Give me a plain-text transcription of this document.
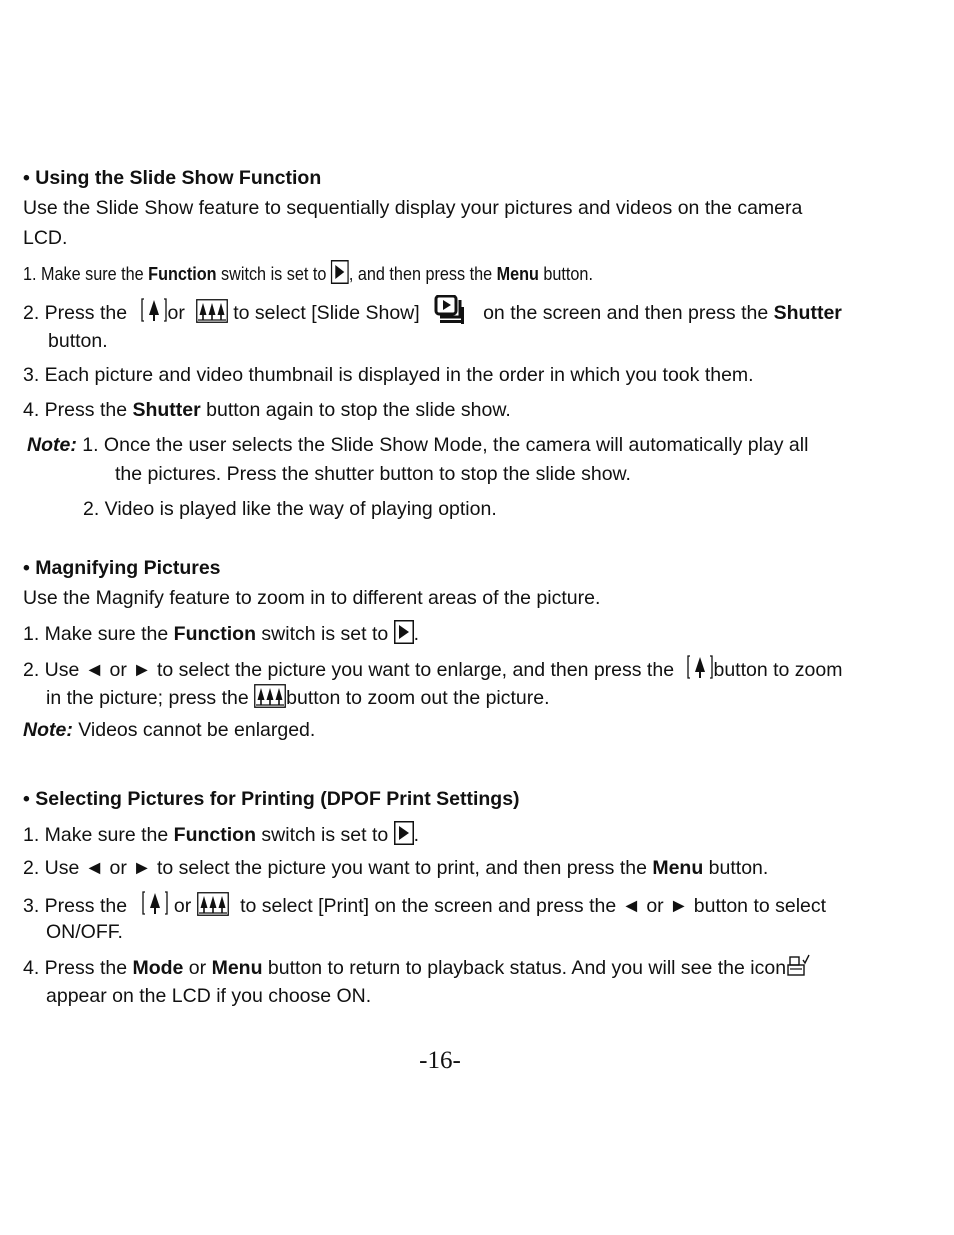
• Using the Slide Show Function
Use the Slide Show feature to sequentially display your pictures and videos on the camera
LCD.
1. Make sure the Function switch is set to , and then press the Menu button.
2. Press the or to select [Slide Show]	on the screen and then press the Shutter
button.
3. Each picture and video thumbnail is displayed in the order in which you took them.
4. Press the Shutter button again to stop the slide show.
Note: 1. Once the user selects the Slide Show Mode, the camera will automatically play all
the pictures. Press the shutter button to stop the slide show.
2. Video is played like the way of playing option.
• Magnifying Pictures
Use the Magnify feature to zoom in to different areas of the picture.
1. Make sure the Function switch is set to .
2. Use ◄ or ► to select the picture you want to enlarge, and then press the button to zoom
in the picture; press the button to zoom out the picture.
Note: Videos cannot be enlarged.
• Selecting Pictures for Printing (DPOF Print Settings)
1. Make sure the Function switch is set to .
2. Use ◄ or ► to select the picture you want to print, and then press the Menu button.
3. Press the  or  to select [Print] on the screen and press the ◄ or ► button to select
ON/OFF.
4. Press the Mode or Menu button to return to playback status. And you will see the icon
appear on the LCD if you choose ON.
-16-
